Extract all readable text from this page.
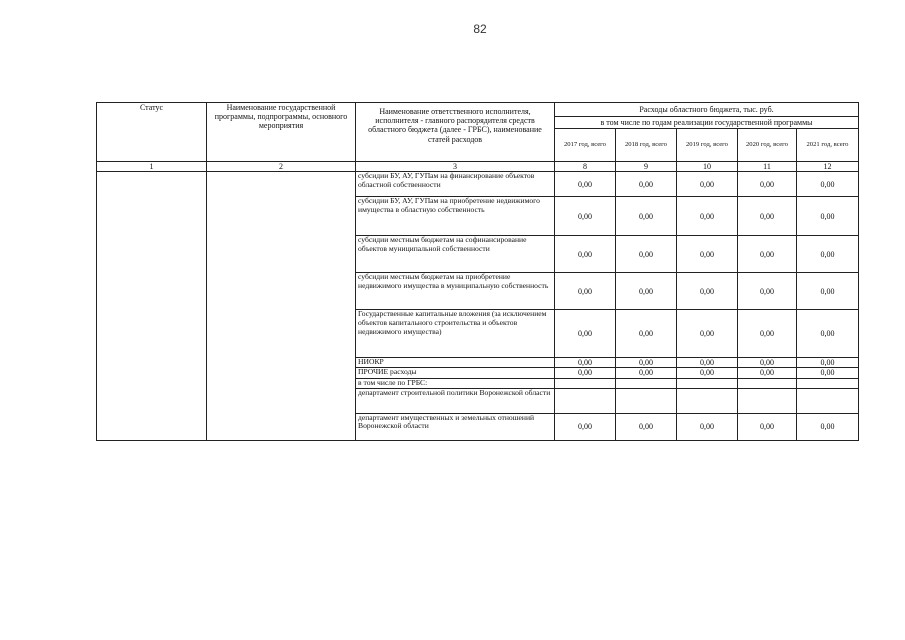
82
Статус	Наименование государственной программы, подпрограммы, основного мероприятия	Наименование ответственного исполнителя, исполнителя - главного распорядителя средств областного бюджета (далее - ГРБС), наименование статей расходов	Расходы областного бюджета, тыс. руб.				
			в том числе по годам реализации государственной программы				
			2017 год, всего	2018 год, всего	2019 год, всего	2020 год, всего	2021 год, всего
1	2	3	8	9	10	11	12
		субсидии БУ, АУ, ГУПам на финансирование объектов областной собственности	0,00	0,00	0,00	0,00	0,00
		субсидии БУ, АУ, ГУПам на приобретение недвижимого имущества в областную собственность	0,00	0,00	0,00	0,00	0,00
		субсидии местным бюджетам на софинансирование объектов муниципальной собственности	0,00	0,00	0,00	0,00	0,00
		субсидии местным бюджетам на приобретение недвижимого имущества в муниципальную собственность	0,00	0,00	0,00	0,00	0,00
		Государственные капитальные вложения (за исключением объектов капитального строительства и объектов недвижимого имущества)	0,00	0,00	0,00	0,00	0,00
		НИОКР	0,00	0,00	0,00	0,00	0,00
		ПРОЧИЕ расходы	0,00	0,00	0,00	0,00	0,00
		в том числе по ГРБС:					
		департамент строительной политики Воронежской области					
		департамент имущественных и земельных отношений Воронежской области	0,00	0,00	0,00	0,00	0,00
